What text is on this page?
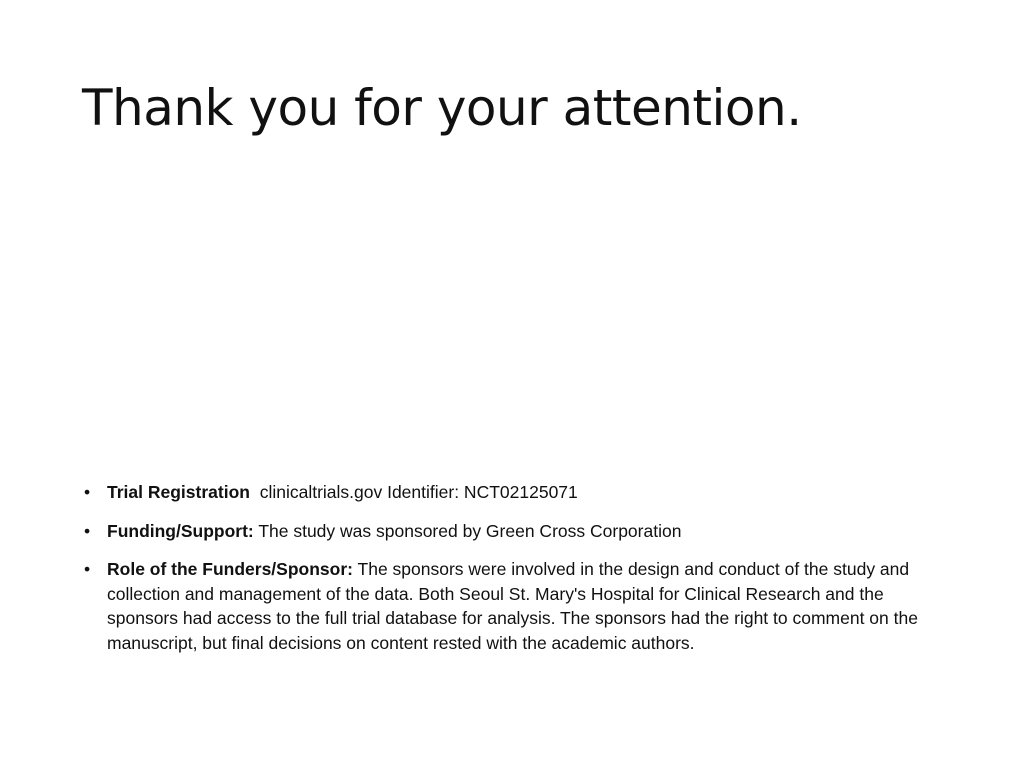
Thank you for your attention.
• Trial Registration clinicaltrials.gov Identifier: NCT02125071
• Funding/Support: The study was sponsored by Green Cross Corporation
• Role of the Funders/Sponsor: The sponsors were involved in the design and conduct of the study and collection and management of the data. Both Seoul St. Mary's Hospital for Clinical Research and the sponsors had access to the full trial database for analysis. The sponsors had the right to comment on the manuscript, but final decisions on content rested with the academic authors.
